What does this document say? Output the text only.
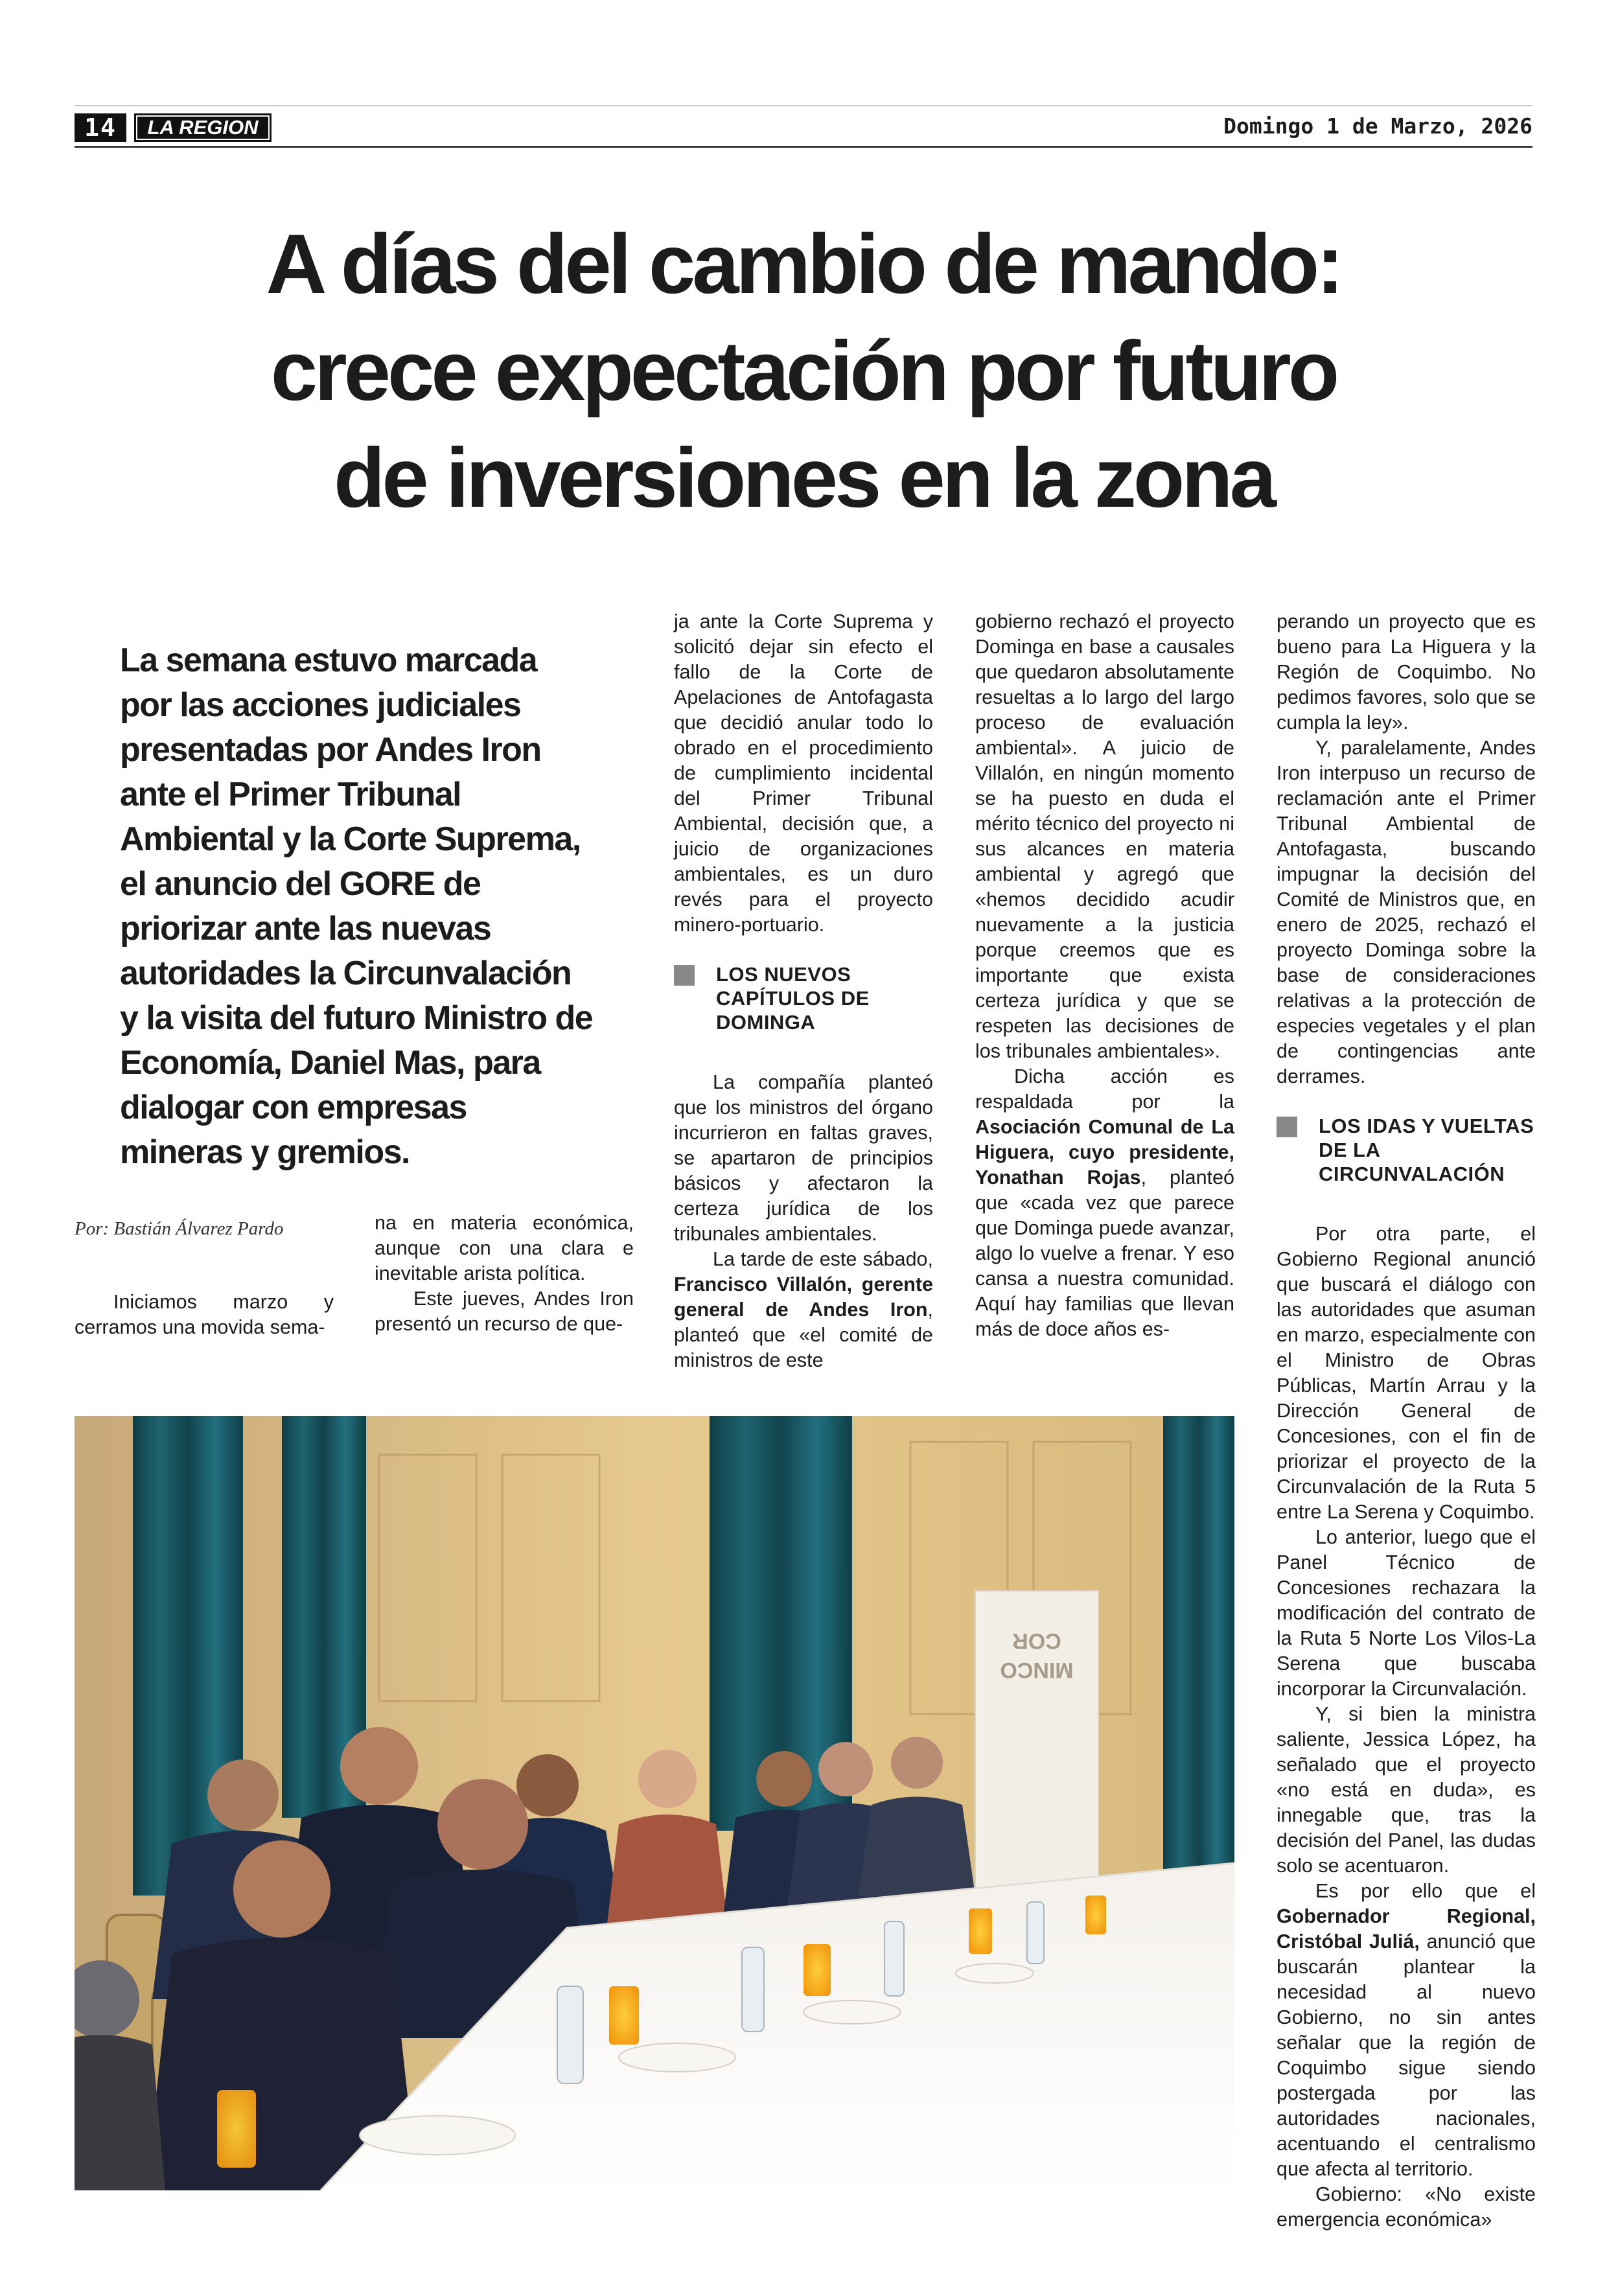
14	LA REGION	Domingo 1 de Marzo, 2026
A días del cambio de mando:
crece expectación por futuro
de inversiones en la zona
La semana estuvo marcada por las acciones judiciales presentadas por Andes Iron ante el Primer Tribunal Ambiental y la Corte Suprema, el anuncio del GORE de priorizar ante las nuevas autoridades la Circunvalación y la visita del futuro Ministro de Economía, Daniel Mas, para dialogar con empresas mineras y gremios.
Por: Bastián Álvarez Pardo

Iniciamos marzo y cerramos una movida sema-

na en materia económica, aunque con una clara e inevitable arista política.

Este jueves, Andes Iron presentó un recurso de que-

ja ante la Corte Suprema y solicitó dejar sin efecto el fallo de la Corte de Apelaciones de Antofagasta que decidió anular todo lo obrado en el procedimiento de cumplimiento incidental del Primer Tribunal Ambiental, decisión que, a juicio de organizaciones ambientales, es un duro revés para el proyecto minero-portuario.

LOS NUEVOS CAPÍTULOS DE DOMINGA

La compañía planteó que los ministros del órgano incurrieron en faltas graves, se apartaron de principios básicos y afectaron la certeza jurídica de los tribunales ambientales.

La tarde de este sábado, Francisco Villalón, gerente general de Andes Iron, planteó que «el comité de ministros de este

gobierno rechazó el proyecto Dominga en base a causales que quedaron absolutamente resueltas a lo largo del largo proceso de evaluación ambiental». A juicio de Villalón, en ningún momento se ha puesto en duda el mérito técnico del proyecto ni sus alcances en materia ambiental y agregó que «hemos decidido acudir nuevamente a la justicia porque creemos que es importante que exista certeza jurídica y que se respeten las decisiones de los tribunales ambientales».

Dicha acción es respaldada por la Asociación Comunal de La Higuera, cuyo presidente, Yonathan Rojas, planteó que «cada vez que parece que Dominga puede avanzar, algo lo vuelve a frenar. Y eso cansa a nuestra comunidad. Aquí hay familias que llevan más de doce años es-

perando un proyecto que es bueno para La Higuera y la Región de Coquimbo. No pedimos favores, solo que se cumpla la ley».

Y, paralelamente, Andes Iron interpuso un recurso de reclamación ante el Primer Tribunal Ambiental de Antofagasta, buscando impugnar la decisión del Comité de Ministros que, en enero de 2025, rechazó el proyecto Dominga sobre la base de consideraciones relativas a la protección de especies vegetales y el plan de contingencias ante derrames.

LOS IDAS Y VUELTAS DE LA CIRCUNVALACIÓN

Por otra parte, el Gobierno Regional anunció que buscará el diálogo con las autoridades que asuman en marzo, especialmente con el Ministro de Obras Públicas, Martín Arrau y la Dirección General de Concesiones, con el fin de priorizar el proyecto de la Circunvalación de la Ruta 5 entre La Serena y Coquimbo.

Lo anterior, luego que el Panel Técnico de Concesiones rechazara la modificación del contrato de la Ruta 5 Norte Los Vilos-La Serena que buscaba incorporar la Circunvalación.

Y, si bien la ministra saliente, Jessica López, ha señalado que el proyecto «no está en duda», es innegable que, tras la decisión del Panel, las dudas solo se acentuaron.

Es por ello que el Gobernador Regional, Cristóbal Juliá, anunció que buscarán plantear la necesidad al nuevo Gobierno, no sin antes señalar que la región de Coquimbo sigue siendo postergada por las autoridades nacionales, acentuando el centralismo que afecta al territorio.

Gobierno: «No existe emergencia económica»

COR
MINCO
